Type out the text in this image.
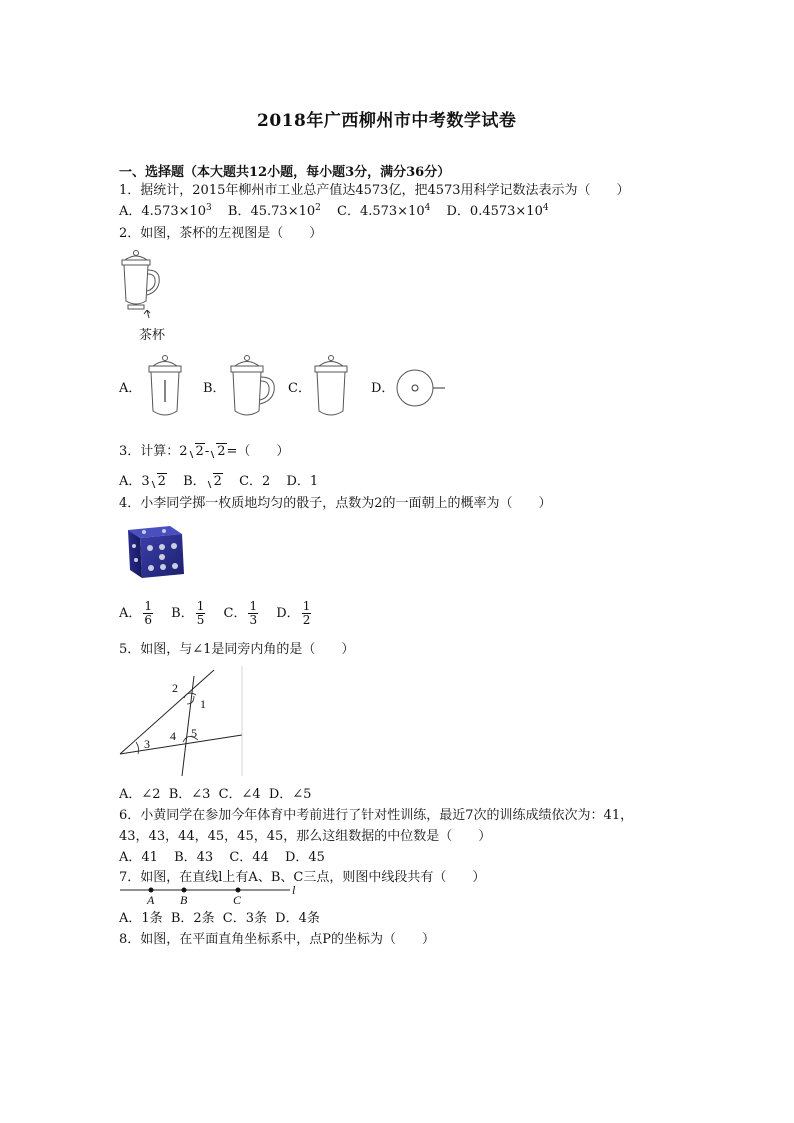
2018年广西柳州市中考数学试卷
一、选择题（本大题共12小题，每小题3分，满分36分）
1．据统计，2015年柳州市工业总产值达4573亿，把4573用科学记数法表示为（　　）
A．$4.573\times 10^3$ B．$45.73\times 10^2$ C．$4.573\times 10^4$ D．$0.4573\times 10^4$
2．如图，茶杯的左视图是（　　）
茶杯
A．	B．	C．	D．
3．计算：2 2- 2=（　　）
A．3 2 B． 2 C．2 D．1
4．小李同学掷一枚质地均匀的骰子，点数为2的一面朝上的概率为（　　）
A． $\frac{1}{6}$ B． $\frac{1}{5}$ C． $\frac{1}{3}$ D． $\frac{1}{2}$
5．如图，与∠1是同旁内角的是（　　）
2
1
3
4 5
A．∠2 B．∠3 C．∠4 D．∠5
6．小黄同学在参加今年体育中考前进行了针对性训练，最近7次的训练成绩依次为：41，
43，43，44，45，45，45，那么这组数据的中位数是（　　）
A．41 B．43 C．44 D．45
7．如图，在直线l上有A、B、C三点，则图中线段共有（　　）
A B	C
l
A．1条 B．2条 C．3条 D．4条
8．如图，在平面直角坐标系中，点P的坐标为（　　）
